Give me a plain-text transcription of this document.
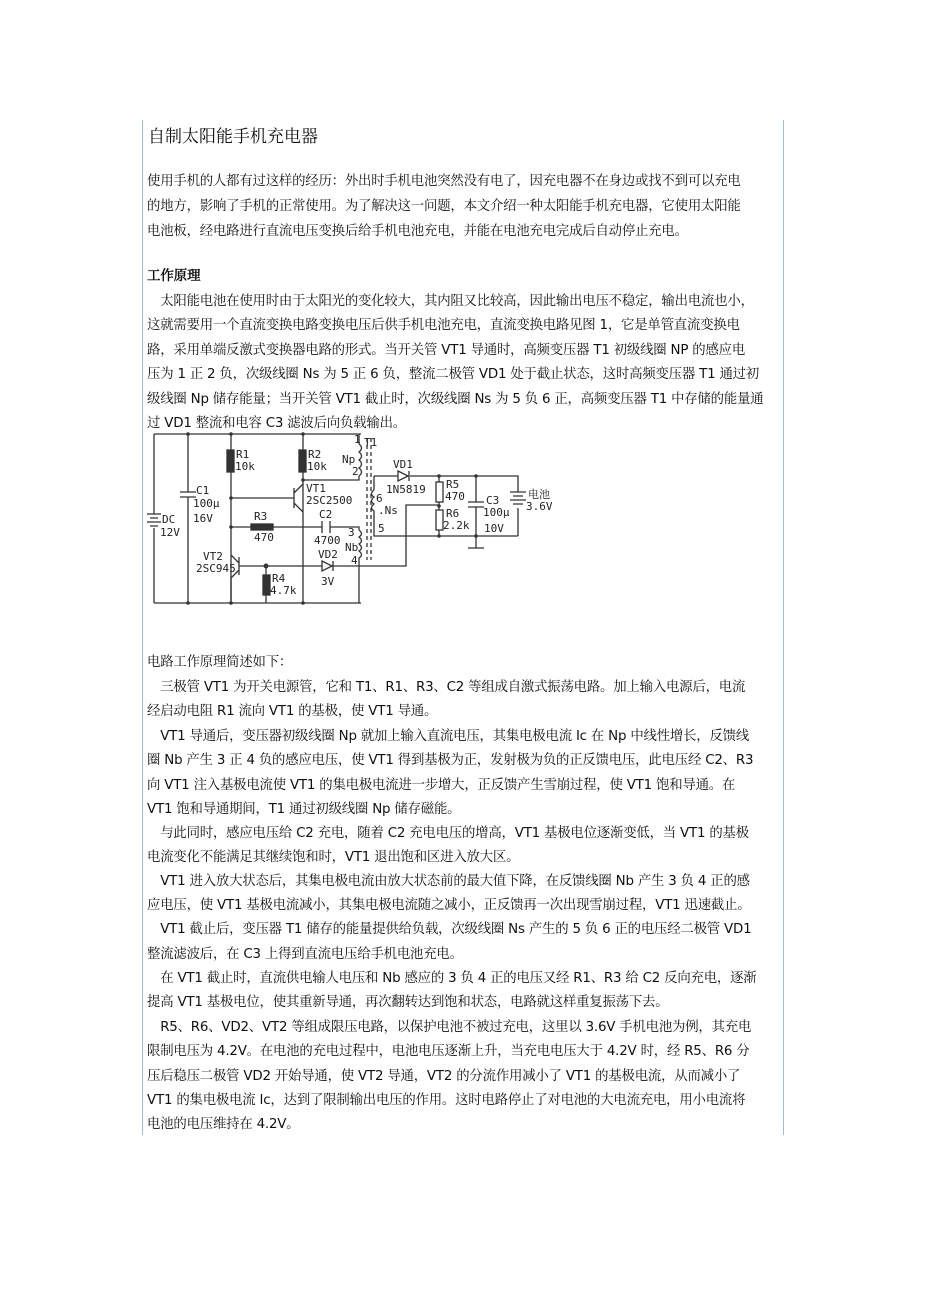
自制太阳能手机充电器
使用手机的人都有过这样的经历：外出时手机电池突然没有电了，因充电器不在身边或找不到可以充电
的地方，影响了手机的正常使用。为了解决这一问题，本文介绍一种太阳能手机充电器，它使用太阳能
电池板，经电路进行直流电压变换后给手机电池充电，并能在电池充电完成后自动停止充电。
工作原理
　太阳能电池在使用时由于太阳光的变化较大，其内阻又比较高，因此输出电压不稳定，输出电流也小，
这就需要用一个直流变换电路变换电压后供手机电池充电，直流变换电路见图 1，它是单管直流变换电
路，采用单端反激式变换器电路的形式。当开关管 VT1 导通时，高频变压器 T1 初级线圈 NP 的感应电
压为 1 正 2 负，次级线圈 Ns 为 5 正 6 负，整流二极管 VD1 处于截止状态，这时高频变压器 T1 通过初
级线圈 Np 储存能量；当开关管 VT1 截止时，次级线圈 Ns 为 5 负 6 正，高频变压器 T1 中存储的能量通
过 VD1 整流和电容 C3 滤波后向负载输出。
1 T1
Np
2
6
.Ns
5
3
Nb
4
R1
10k
R2
10k
VT1
2SC2500
VD1
1N5819 R5
470
R6
2.2k
C3
100μ
10V
电池
3.6V
C1
100μ
16V
DC
12V
R3
470
C2
4700
VT2
2SC945
VD2
3V
R4
4.7k
电路工作原理简述如下：
　三极管 VT1 为开关电源管，它和 T1、R1、R3、C2 等组成自激式振荡电路。加上输入电源后，电流
经启动电阻 R1 流向 VT1 的基极，使 VT1 导通。
　VT1 导通后，变压器初级线圈 Np 就加上输入直流电压，其集电极电流 Ic 在 Np 中线性增长，反馈线
圈 Nb 产生 3 正 4 负的感应电压，使 VT1 得到基极为正，发射极为负的正反馈电压，此电压经 C2、R3
向 VT1 注入基极电流使 VT1 的集电极电流进一步增大，正反馈产生雪崩过程，使 VT1 饱和导通。在
VT1 饱和导通期间，T1 通过初级线圈 Np 储存磁能。
　与此同时，感应电压给 C2 充电，随着 C2 充电电压的增高，VT1 基极电位逐渐变低，当 VT1 的基极
电流变化不能满足其继续饱和时，VT1 退出饱和区进入放大区。
　VT1 进入放大状态后，其集电极电流由放大状态前的最大值下降，在反馈线圈 Nb 产生 3 负 4 正的感
应电压，使 VT1 基极电流减小，其集电极电流随之减小，正反馈再一次出现雪崩过程，VT1 迅速截止。
　VT1 截止后，变压器 T1 储存的能量提供给负载，次级线圈 Ns 产生的 5 负 6 正的电压经二极管 VD1
整流滤波后，在 C3 上得到直流电压给手机电池充电。
　在 VT1 截止时，直流供电输人电压和 Nb 感应的 3 负 4 正的电压又经 R1、R3 给 C2 反向充电，逐渐
提高 VT1 基极电位，使其重新导通，再次翻转达到饱和状态，电路就这样重复振荡下去。
　R5、R6、VD2、VT2 等组成限压电路，以保护电池不被过充电，这里以 3.6V 手机电池为例，其充电
限制电压为 4.2V。在电池的充电过程中，电池电压逐渐上升，当充电电压大于 4.2V 时，经 R5、R6 分
压后稳压二极管 VD2 开始导通，使 VT2 导通，VT2 的分流作用减小了 VT1 的基极电流，从而减小了
VT1 的集电极电流 Ic，达到了限制输出电压的作用。这时电路停止了对电池的大电流充电，用小电流将
电池的电压维持在 4.2V。
